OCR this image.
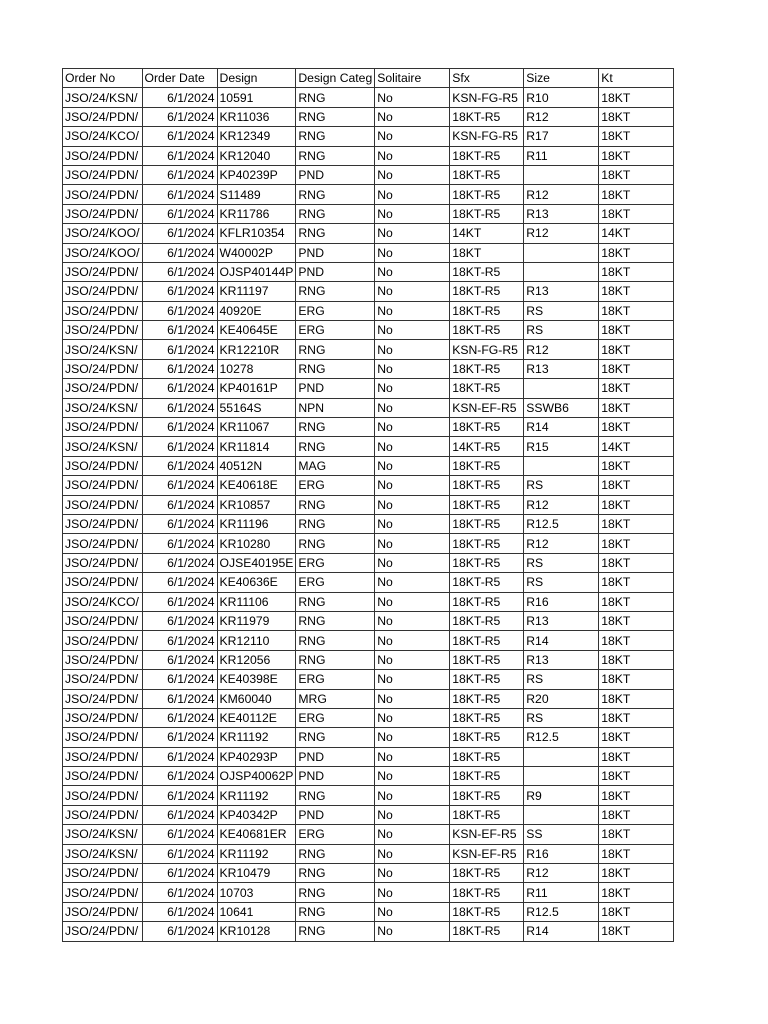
Order No	Order Date	Design	Design Categ	Solitaire	Sfx	Size	Kt
JSO/24/KSN/	6/1/2024	10591	RNG	No	KSN-FG-R5	R10	18KT
JSO/24/PDN/	6/1/2024	KR11036	RNG	No	18KT-R5	R12	18KT
JSO/24/KCO/	6/1/2024	KR12349	RNG	No	KSN-FG-R5	R17	18KT
JSO/24/PDN/	6/1/2024	KR12040	RNG	No	18KT-R5	R11	18KT
JSO/24/PDN/	6/1/2024	KP40239P	PND	No	18KT-R5		18KT
JSO/24/PDN/	6/1/2024	S11489	RNG	No	18KT-R5	R12	18KT
JSO/24/PDN/	6/1/2024	KR11786	RNG	No	18KT-R5	R13	18KT
JSO/24/KOO/	6/1/2024	KFLR10354	RNG	No	14KT	R12	14KT
JSO/24/KOO/	6/1/2024	W40002P	PND	No	18KT		18KT
JSO/24/PDN/	6/1/2024	OJSP40144P	PND	No	18KT-R5		18KT
JSO/24/PDN/	6/1/2024	KR11197	RNG	No	18KT-R5	R13	18KT
JSO/24/PDN/	6/1/2024	40920E	ERG	No	18KT-R5	RS	18KT
JSO/24/PDN/	6/1/2024	KE40645E	ERG	No	18KT-R5	RS	18KT
JSO/24/KSN/	6/1/2024	KR12210R	RNG	No	KSN-FG-R5	R12	18KT
JSO/24/PDN/	6/1/2024	10278	RNG	No	18KT-R5	R13	18KT
JSO/24/PDN/	6/1/2024	KP40161P	PND	No	18KT-R5		18KT
JSO/24/KSN/	6/1/2024	55164S	NPN	No	KSN-EF-R5	SSWB6	18KT
JSO/24/PDN/	6/1/2024	KR11067	RNG	No	18KT-R5	R14	18KT
JSO/24/KSN/	6/1/2024	KR11814	RNG	No	14KT-R5	R15	14KT
JSO/24/PDN/	6/1/2024	40512N	MAG	No	18KT-R5		18KT
JSO/24/PDN/	6/1/2024	KE40618E	ERG	No	18KT-R5	RS	18KT
JSO/24/PDN/	6/1/2024	KR10857	RNG	No	18KT-R5	R12	18KT
JSO/24/PDN/	6/1/2024	KR11196	RNG	No	18KT-R5	R12.5	18KT
JSO/24/PDN/	6/1/2024	KR10280	RNG	No	18KT-R5	R12	18KT
JSO/24/PDN/	6/1/2024	OJSE40195E	ERG	No	18KT-R5	RS	18KT
JSO/24/PDN/	6/1/2024	KE40636E	ERG	No	18KT-R5	RS	18KT
JSO/24/KCO/	6/1/2024	KR11106	RNG	No	18KT-R5	R16	18KT
JSO/24/PDN/	6/1/2024	KR11979	RNG	No	18KT-R5	R13	18KT
JSO/24/PDN/	6/1/2024	KR12110	RNG	No	18KT-R5	R14	18KT
JSO/24/PDN/	6/1/2024	KR12056	RNG	No	18KT-R5	R13	18KT
JSO/24/PDN/	6/1/2024	KE40398E	ERG	No	18KT-R5	RS	18KT
JSO/24/PDN/	6/1/2024	KM60040	MRG	No	18KT-R5	R20	18KT
JSO/24/PDN/	6/1/2024	KE40112E	ERG	No	18KT-R5	RS	18KT
JSO/24/PDN/	6/1/2024	KR11192	RNG	No	18KT-R5	R12.5	18KT
JSO/24/PDN/	6/1/2024	KP40293P	PND	No	18KT-R5		18KT
JSO/24/PDN/	6/1/2024	OJSP40062P	PND	No	18KT-R5		18KT
JSO/24/PDN/	6/1/2024	KR11192	RNG	No	18KT-R5	R9	18KT
JSO/24/PDN/	6/1/2024	KP40342P	PND	No	18KT-R5		18KT
JSO/24/KSN/	6/1/2024	KE40681ER	ERG	No	KSN-EF-R5	SS	18KT
JSO/24/KSN/	6/1/2024	KR11192	RNG	No	KSN-EF-R5	R16	18KT
JSO/24/PDN/	6/1/2024	KR10479	RNG	No	18KT-R5	R12	18KT
JSO/24/PDN/	6/1/2024	10703	RNG	No	18KT-R5	R11	18KT
JSO/24/PDN/	6/1/2024	10641	RNG	No	18KT-R5	R12.5	18KT
JSO/24/PDN/	6/1/2024	KR10128	RNG	No	18KT-R5	R14	18KT
